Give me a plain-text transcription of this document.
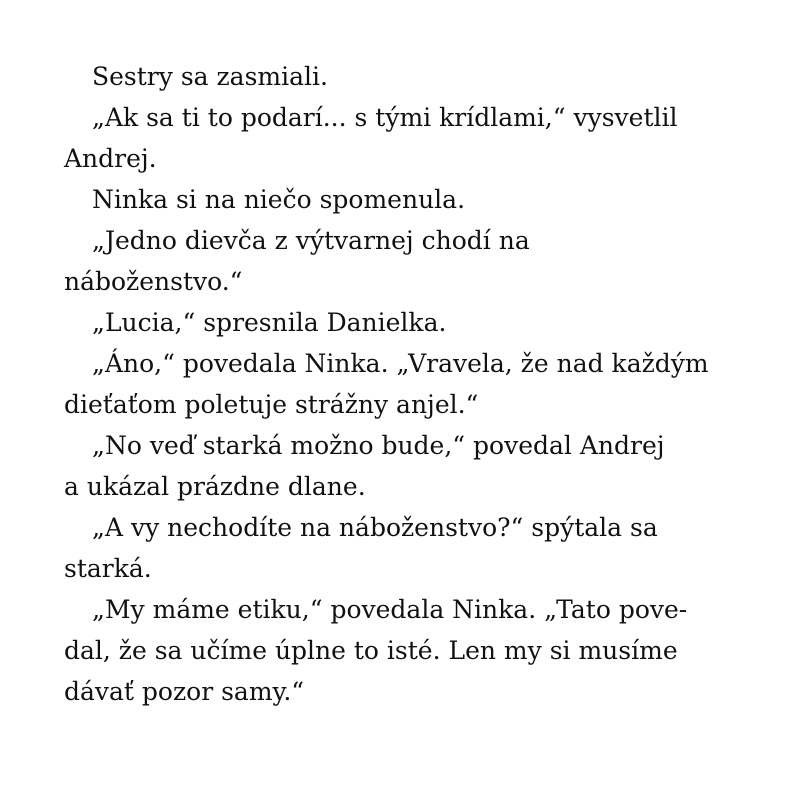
Sestry sa zasmiali.
„Ak sa ti to podarí... s tými krídlami,“ vysvetlil
Andrej.
Ninka si na niečo spomenula.
„Jedno dievča z výtvarnej chodí na
náboženstvo.“
„Lucia,“ spresnila Danielka.
„Áno,“ povedala Ninka. „Vravela, že nad každým
dieťaťom poletuje strážny anjel.“
„No veď starká možno bude,“ povedal Andrej
a ukázal prázdne dlane.
„A vy nechodíte na náboženstvo?“ spýtala sa
starká.
„My máme etiku,“ povedala Ninka. „Tato pove-
dal, že sa učíme úplne to isté. Len my si musíme
dávať pozor samy.“
